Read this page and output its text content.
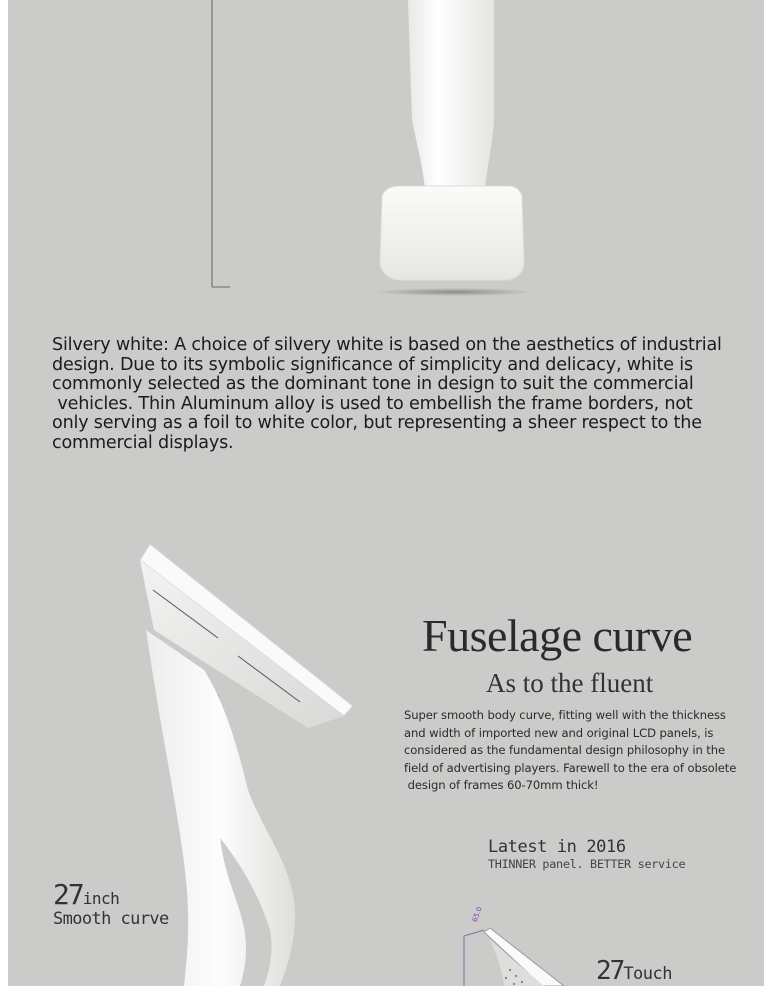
Silvery white: A choice of silvery white is based on the aesthetics of industrial
design. Due to its symbolic significance of simplicity and delicacy, white is
commonly selected as the dominant tone in design to suit the commercial
vehicles. Thin Aluminum alloy is used to embellish the frame borders, not
only serving as a foil to white color, but representing a sheer respect to the
commercial displays.
Fuselage curve
As to the fluent
Super smooth body curve, fitting well with the thickness
and width of imported new and original LCD panels, is
considered as the fundamental design philosophy in the
field of advertising players. Farewell to the era of obsolete
design of frames 60-70mm thick!
Latest in 2016
THINNER panel. BETTER service
27inch
Smooth curve	65.0
27Touch
